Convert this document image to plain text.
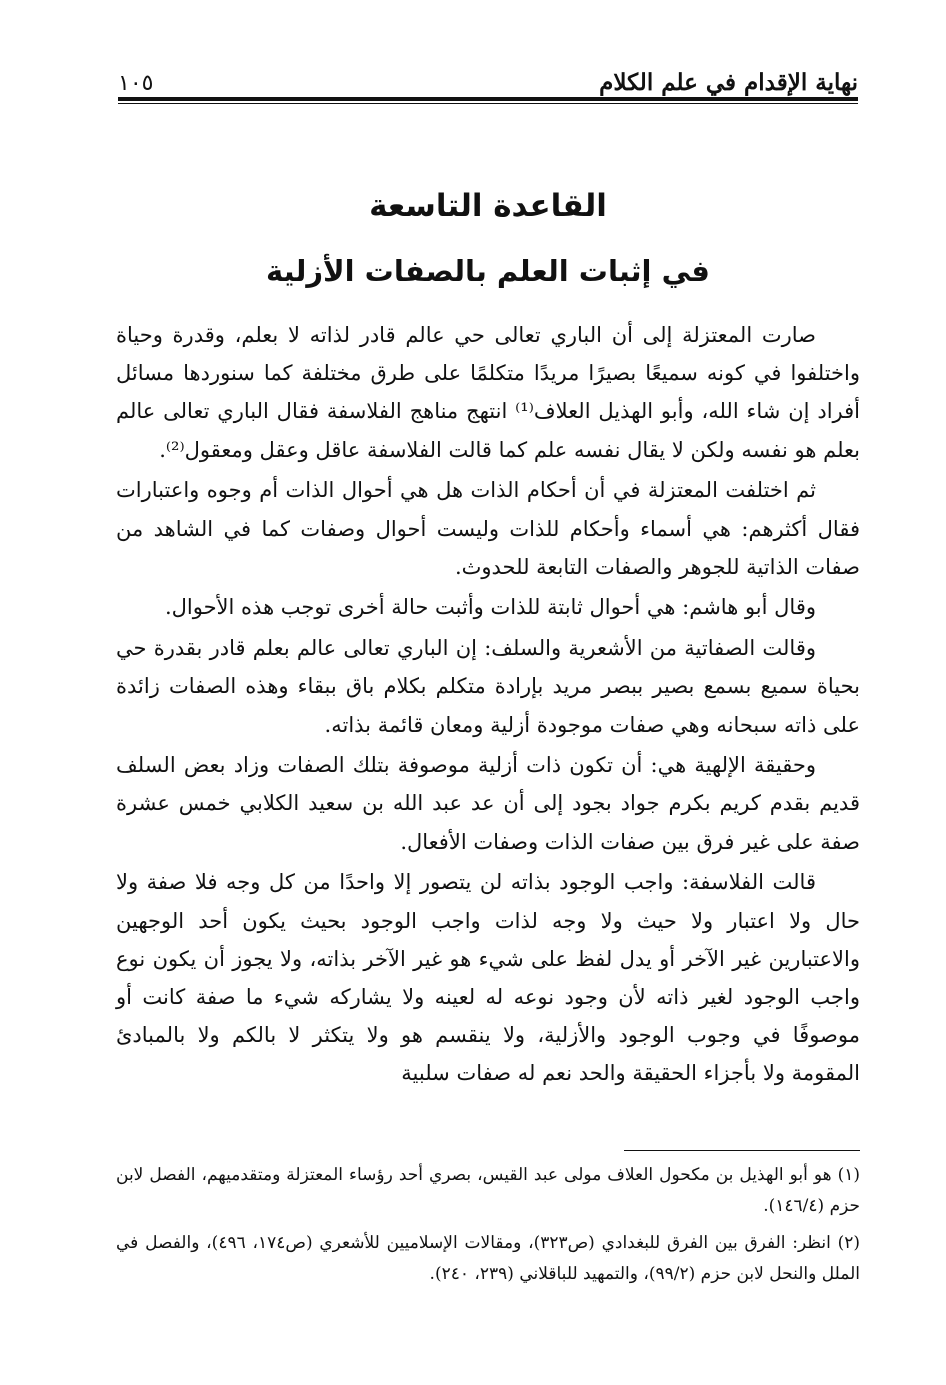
نهاية الإقدام في علم الكلام
١٠٥
القاعدة التاسعة
في إثبات العلم بالصفات الأزلية

صارت المعتزلة إلى أن الباري تعالى حي عالم قادر لذاته لا بعلم، وقدرة وحياة واختلفوا في كونه سميعًا بصيرًا مريدًا متكلمًا على طرق مختلفة كما سنوردها مسائل أفراد إن شاء الله، وأبو الهذيل العلاف⁽¹⁾ انتهج مناهج الفلاسفة فقال الباري تعالى عالم بعلم هو نفسه ولكن لا يقال نفسه علم كما قالت الفلاسفة عاقل وعقل ومعقول⁽²⁾.

ثم اختلفت المعتزلة في أن أحكام الذات هل هي أحوال الذات أم وجوه واعتبارات فقال أكثرهم: هي أسماء وأحكام للذات وليست أحوال وصفات كما في الشاهد من صفات الذاتية للجوهر والصفات التابعة للحدوث.

وقال أبو هاشم: هي أحوال ثابتة للذات وأثبت حالة أخرى توجب هذه الأحوال.

وقالت الصفاتية من الأشعرية والسلف: إن الباري تعالى عالم بعلم قادر بقدرة حي بحياة سميع بسمع بصير ببصر مريد بإرادة متكلم بكلام باق ببقاء وهذه الصفات زائدة على ذاته سبحانه وهي صفات موجودة أزلية ومعان قائمة بذاته.

وحقيقة الإلهية هي: أن تكون ذات أزلية موصوفة بتلك الصفات وزاد بعض السلف قديم بقدم كريم بكرم جواد بجود إلى أن عد عبد الله بن سعيد الكلابي خمس عشرة صفة على غير فرق بين صفات الذات وصفات الأفعال.

قالت الفلاسفة: واجب الوجود بذاته لن يتصور إلا واحدًا من كل وجه فلا صفة ولا حال ولا اعتبار ولا حيث ولا وجه لذات واجب الوجود بحيث يكون أحد الوجهين والاعتبارين غير الآخر أو يدل لفظ على شيء هو غير الآخر بذاته، ولا يجوز أن يكون نوع واجب الوجود لغير ذاته لأن وجود نوعه له لعينه ولا يشاركه شيء ما صفة كانت أو موصوفًا في وجوب الوجود والأزلية، ولا ينقسم هو ولا يتكثر لا بالكم ولا بالمبادئ المقومة ولا بأجزاء الحقيقة والحد نعم له صفات سلبية

(١) هو أبو الهذيل بن مكحول العلاف مولى عبد القيس، بصري أحد رؤساء المعتزلة ومتقدميهم، الفصل لابن حزم (١٤٦/٤).

(٢) انظر: الفرق بين الفرق للبغدادي (ص٣٢٣)، ومقالات الإسلاميين للأشعري (ص١٧٤، ٤٩٦)، والفصل في الملل والنحل لابن حزم (٩٩/٢)، والتمهيد للباقلاني (٢٣٩، ٢٤٠).
